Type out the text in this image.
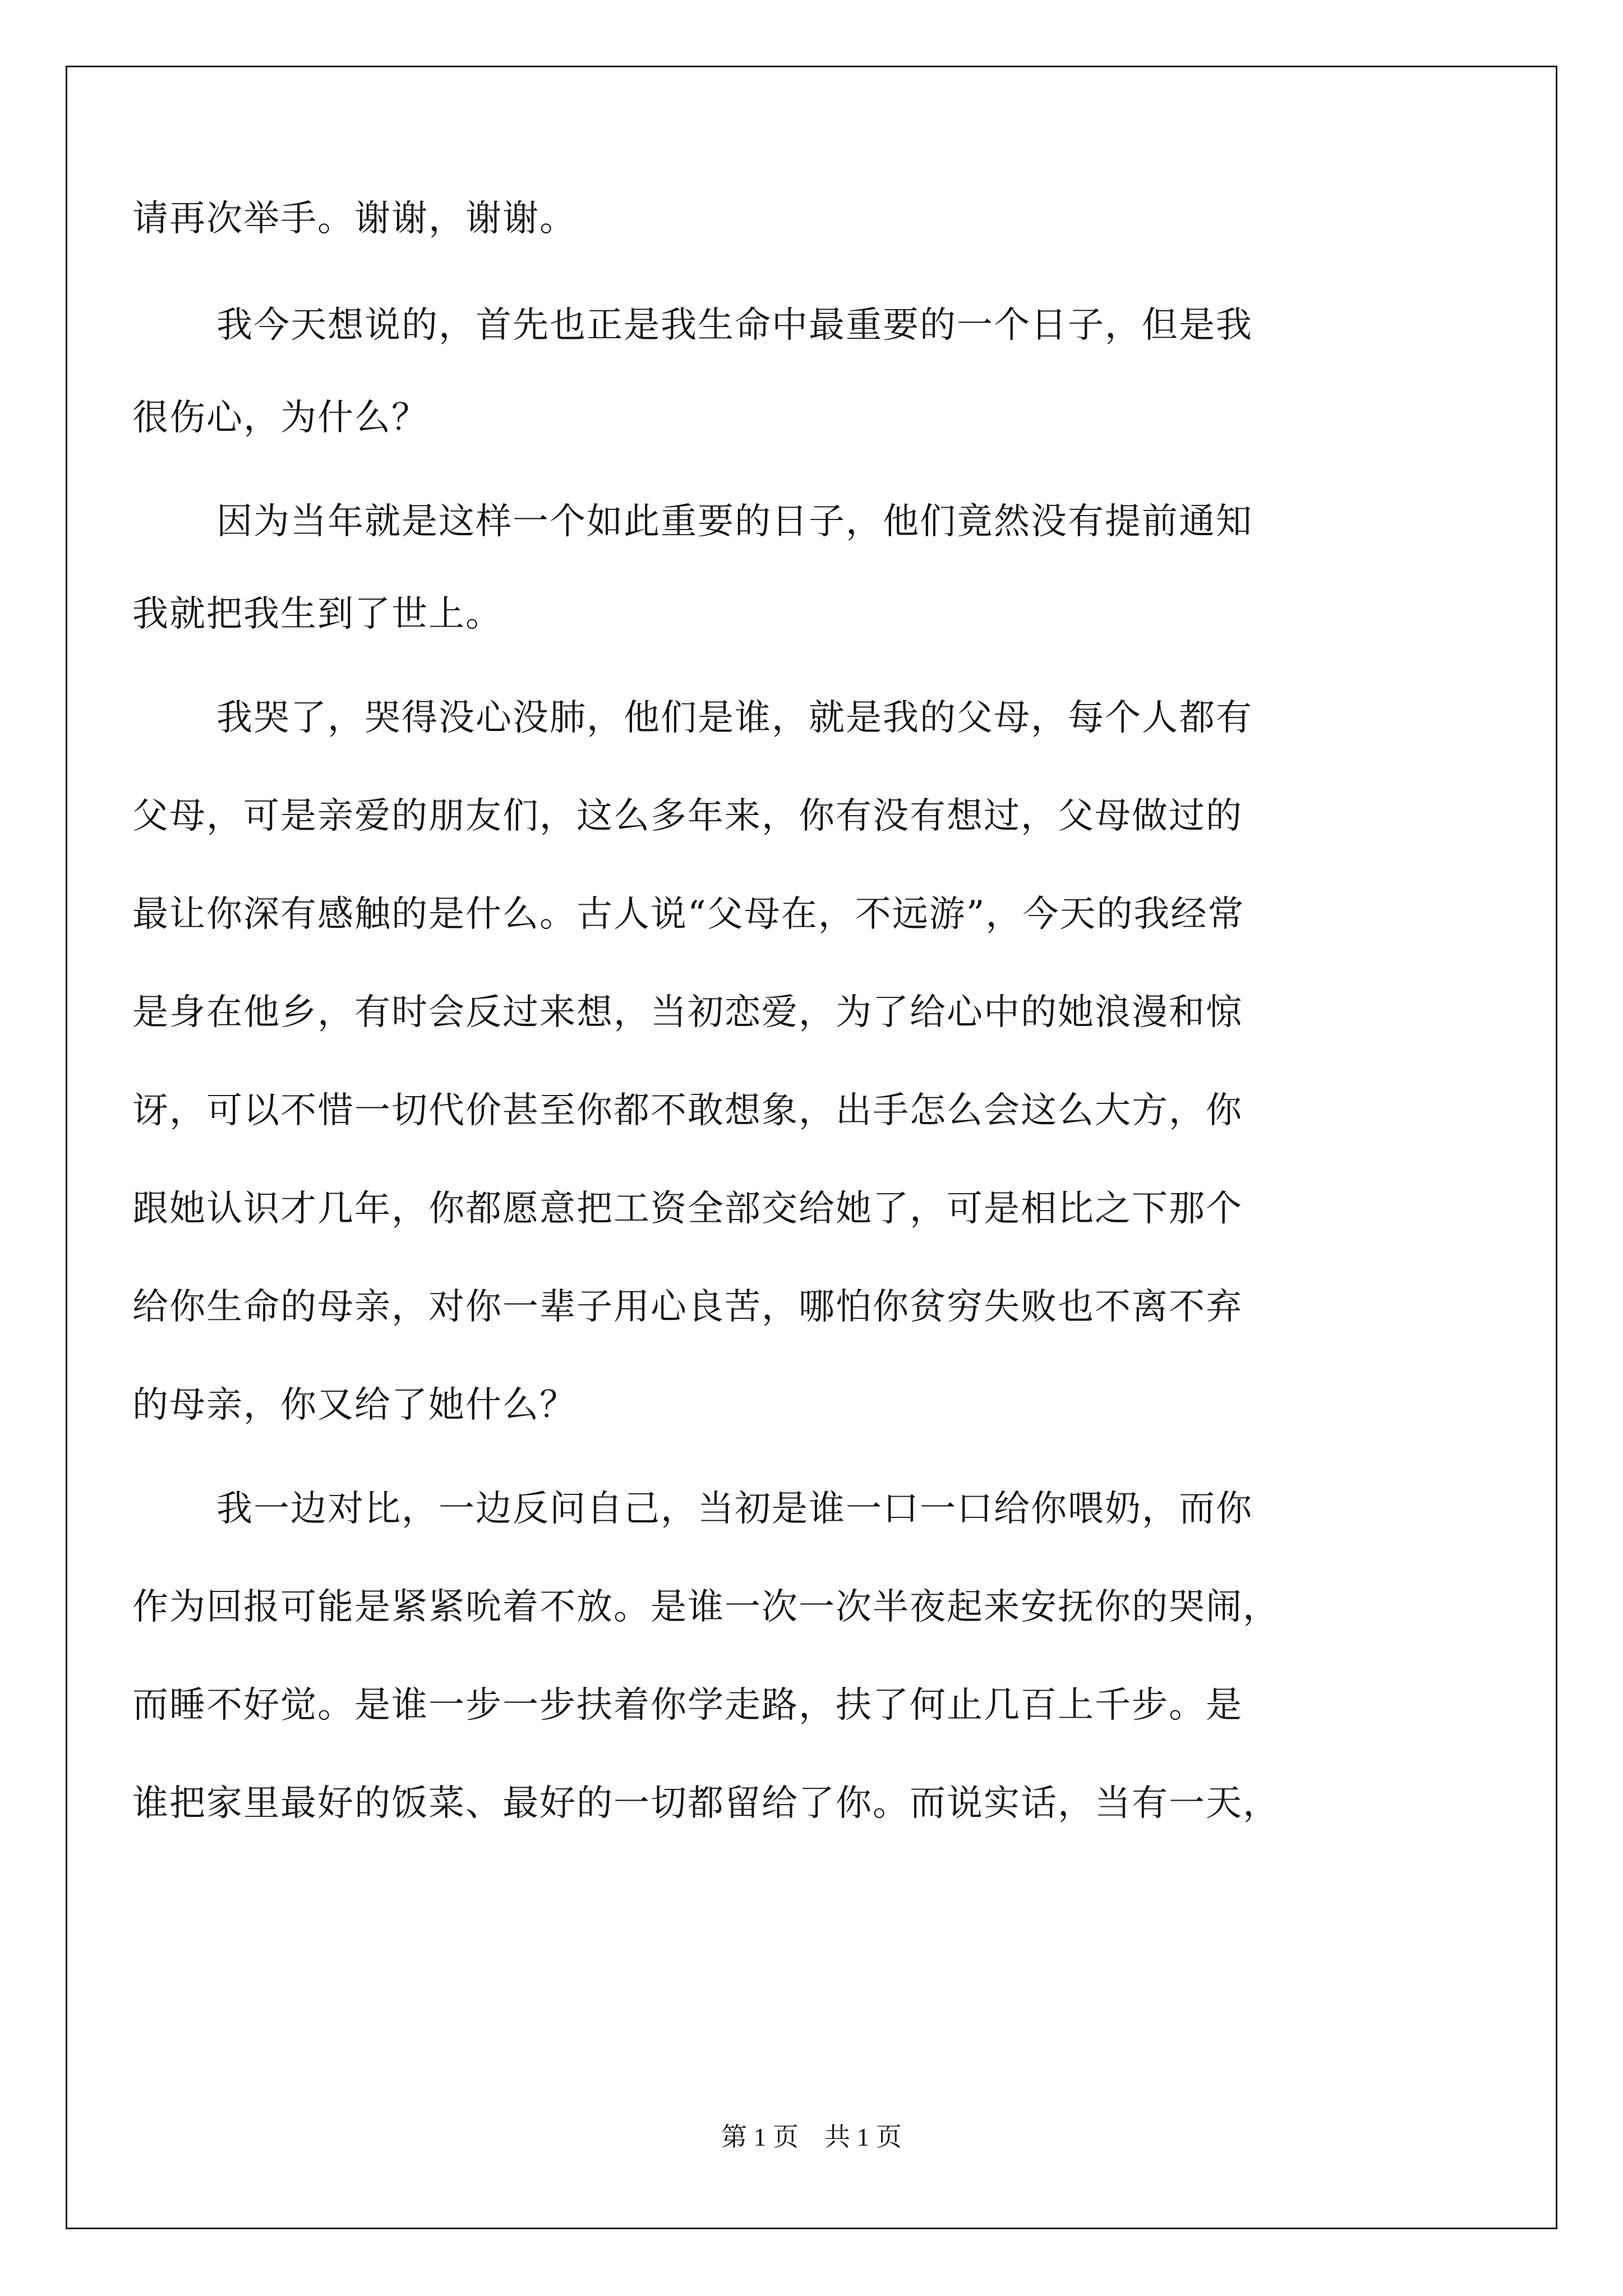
请再次举手。谢谢，谢谢。
我今天想说的，首先也正是我生命中最重要的一个日子，但是我
很伤心，为什么？
因为当年就是这样一个如此重要的日子，他们竟然没有提前通知
我就把我生到了世上。
我哭了，哭得没心没肺，他们是谁，就是我的父母，每个人都有
父母，可是亲爱的朋友们，这么多年来，你有没有想过，父母做过的
最让你深有感触的是什么。古人说“父母在，不远游”，今天的我经常
是身在他乡，有时会反过来想，当初恋爱，为了给心中的她浪漫和惊
讶，可以不惜一切代价甚至你都不敢想象，出手怎么会这么大方，你
跟她认识才几年，你都愿意把工资全部交给她了，可是相比之下那个
给你生命的母亲，对你一辈子用心良苦，哪怕你贫穷失败也不离不弃
的母亲，你又给了她什么？
我一边对比，一边反问自己，当初是谁一口一口给你喂奶，而你
作为回报可能是紧紧吮着不放。是谁一次一次半夜起来安抚你的哭闹，
而睡不好觉。是谁一步一步扶着你学走路，扶了何止几百上千步。是
谁把家里最好的饭菜、最好的一切都留给了你。而说实话，当有一天，
第 1 页　共 1 页
